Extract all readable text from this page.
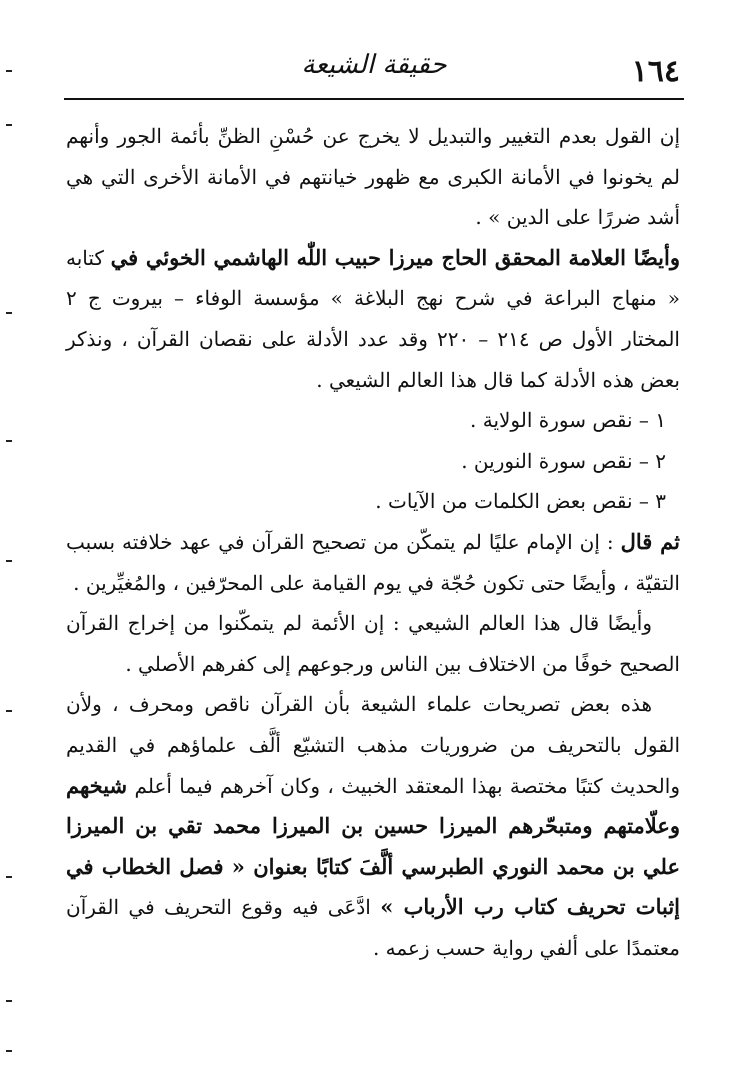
١٦٤
حقيقة الشيعة

إن القول بعدم التغيير والتبديل لا يخرج عن حُسْنِ الظنِّ بأئمة الجور وأنهم لم يخونوا في الأمانة الكبرى مع ظهور خيانتهم في الأمانة الأخرى التي هي أشد ضررًا على الدين » .

وأيضًا العلامة المحقق الحاج ميرزا حبيب اللّٰه الهاشمي الخوئي في كتابه « منهاج البراعة في شرح نهج البلاغة » مؤسسة الوفاء – بيروت ج ٢ المختار الأول ص ٢١٤ – ٢٢٠ وقد عدد الأدلة على نقصان القرآن ، ونذكر بعض هذه الأدلة كما قال هذا العالم الشيعي .

١ – نقص سورة الولاية .

٢ – نقص سورة النورين .

٣ – نقص بعض الكلمات من الآيات .

ثم قال : إن الإمام عليًا لم يتمكّن من تصحيح القرآن في عهد خلافته بسبب التقيّة ، وأيضًا حتى تكون حُجّة في يوم القيامة على المحرّفين ، والمُغيِّرين .

وأيضًا قال هذا العالم الشيعي : إن الأئمة لم يتمكّنوا من إخراج القرآن الصحيح خوفًا من الاختلاف بين الناس ورجوعهم إلى كفرهم الأصلي .

هذه بعض تصريحات علماء الشيعة بأن القرآن ناقص ومحرف ، ولأن القول بالتحريف من ضروريات مذهب التشيّع ألَّف علماؤهم في القديم والحديث كتبًا مختصة بهذا المعتقد الخبيث ، وكان آخرهم فيما أعلم شيخهم وعلّامتهم ومتبحّرهم الميرزا حسين بن الميرزا محمد تقي بن الميرزا علي بن محمد النوري الطبرسي ألَّفَ كتابًا بعنوان « فصل الخطاب في إثبات تحريف كتاب رب الأرباب » ادَّعَى فيه وقوع التحريف في القرآن معتمدًا على ألفي رواية حسب زعمه .
